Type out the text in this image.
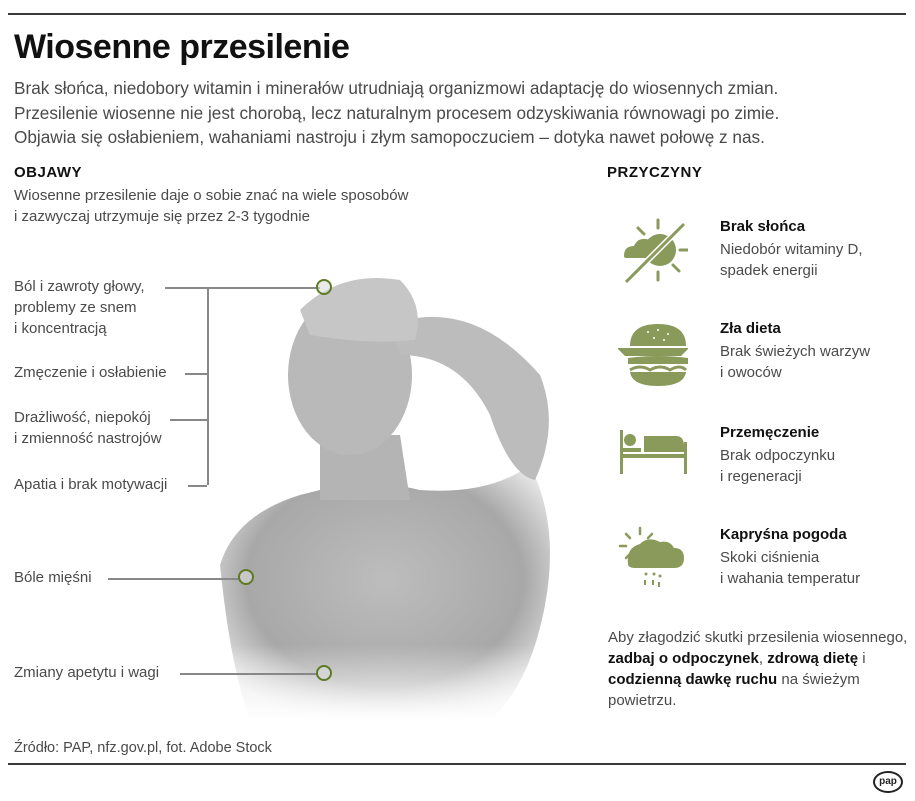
Wiosenne przesilenie
Brak słońca, niedobory witamin i minerałów utrudniają organizmowi adaptację do wiosennych zmian.
Przesilenie wiosenne nie jest chorobą, lecz naturalnym procesem odzyskiwania równowagi po zimie.
Objawia się osłabieniem, wahaniami nastroju i złym samopoczuciem – dotyka nawet połowę z nas.
OBJAWY
Wiosenne przesilenie daje o sobie znać na wiele sposobów
i zazwyczaj utrzymuje się przez 2-3 tygodnie
Ból i zawroty głowy,
problemy ze snem
i koncentracją
Zmęczenie i osłabienie
Drażliwość, niepokój
i zmienność nastrojów
Apatia i brak motywacji
Bóle mięśni
Zmiany apetytu i wagi
PRZYCZYNY
Brak słońca
Niedobór witaminy D,
spadek energii
Zła dieta
Brak świeżych warzyw
i owoców
Przemęczenie
Brak odpoczynku
i regeneracji
Kapryśna pogoda
Skoki ciśnienia
i wahania temperatur
Aby złagodzić skutki przesilenia wiosennego, zadbaj o odpoczynek, zdrową dietę i codzienną dawkę ruchu na świeżym powietrzu.
Źródło: PAP, nfz.gov.pl, fot. Adobe Stock
pap
